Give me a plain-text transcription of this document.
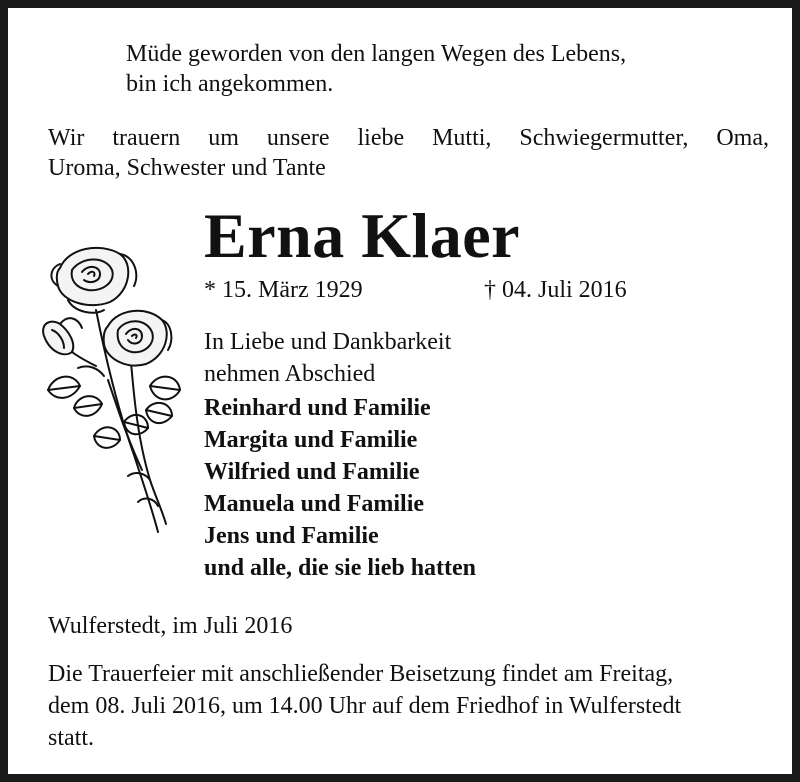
Müde geworden von den langen Wegen des Lebens,
bin ich angekommen.
Wir trauern um unsere liebe Mutti, Schwiegermutter, Oma,
Uroma, Schwester und Tante
Erna Klaer
* 15. März 1929	† 04. Juli 2016
In Liebe und Dankbarkeit
nehmen Abschied
Reinhard und Familie
Margita und Familie
Wilfried und Familie
Manuela und Familie
Jens und Familie
und alle, die sie lieb hatten
Wulferstedt, im Juli 2016
Die Trauerfeier mit anschließender Beisetzung findet am Freitag,
dem 08. Juli 2016, um 14.00 Uhr auf dem Friedhof in Wulferstedt
statt.
